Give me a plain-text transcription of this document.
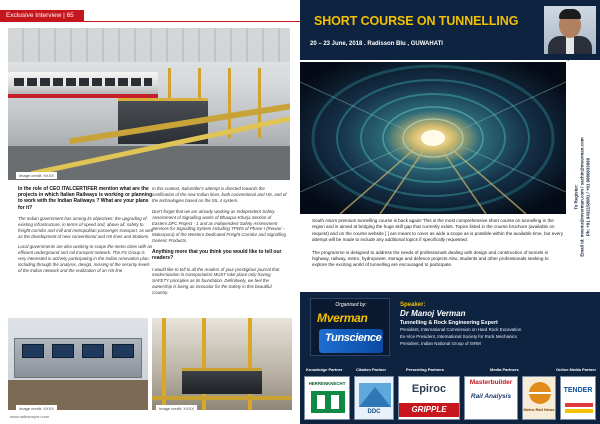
Exclusive Interview | 65
Image credit: XXXX

In the role of CEO ITALCERTIFER mention what are the projects in which Italian Railways is working or planning to work with the Indian Railways ? What are your plans for it?

The Indian government has among its objectives: the upgrading of existing infrastructure, in terms of speed and, above all, safety to freight corridor and mill and metropolitan passenger transport, as well as the development of new conventional and HS lines and Stations.

Local governments are also working to scope the metro cities with an efficient underground and rail transport network. The FS Group is very interested in actively participating in the Indian renovation plan, including through the analysis, design, missing of the security levels of the Indian network and the realization of an HS line.

In this context, Italcertifer's attempt is directed towards the certification of the new Indian lines, both conventional and HS, and of the technologies based on the SIL 4 system.

Don't forget that we are already working as Independent Safety Assessment of Signalling works of Bhaupur-Khurja Section of Eastern DFC Project - 1 and as Independent Safety Assessment Services for Signalling System including TPWS of Phase-I (Rewari – Makarpura) of the Western Dedicated Freight Corridor and Signalling Generic Products.

Anything more that you think you would like to tell our readers?

I would like to tell to all the readers of your prestigious journal that modernization in transportation MUST take place only having SAFETY principles as its foundation. Definitively, we feel the ownership is being an innovator for the Safety in this beautiful Country.

Image credit: XXXX	Image credit: XXXX
www.railtransport.com
SHORT COURSE ON TUNNELLING
20 – 23 June, 2018 . Radisson Blu , GUWAHATI
Dr Manoj Verman
To Register: Email Id: mvenu@mverman.com / sachin@mverman.com Ph: +91 9432158081 / +91 9886833099

South Asia's premium tunnelling course is back again! This is the most comprehensive short course on tunnelling in the region and is aimed at bridging the huge skill gap that currently exists. Topics listed in the course brochure (available on request) and on the course website [ ] are meant to cover as wide a scope as is possible within the available time, but every attempt will be made to include any additional topics if specifically requested.

The programme is designed to address the needs of professionals dealing with design and construction of tunnels in highway, railway, metro, hydropower, storage and defence projects Also, students and other professionals seeking to explore the exciting world of tunnelling are encouraged to participate.

Organised by:
Mverman
Tunscience
Speaker:
Dr Manoj Verman
Tunnelling & Rock Engineering Expert
President, International Commission on Hard Rock Excavation
Ex-Vice President, International Society for Rock Mechanics
President, Indian National Group of ISRM
Knowledge Partner	Citation Partner	Presenting Partners	Media Partners	Online Media Partner
HERRENKNECHT
DDC
Epiroc
GRIPPLE
Masterbuilder
Rail Analysis
Metro Rail News
TENDER
